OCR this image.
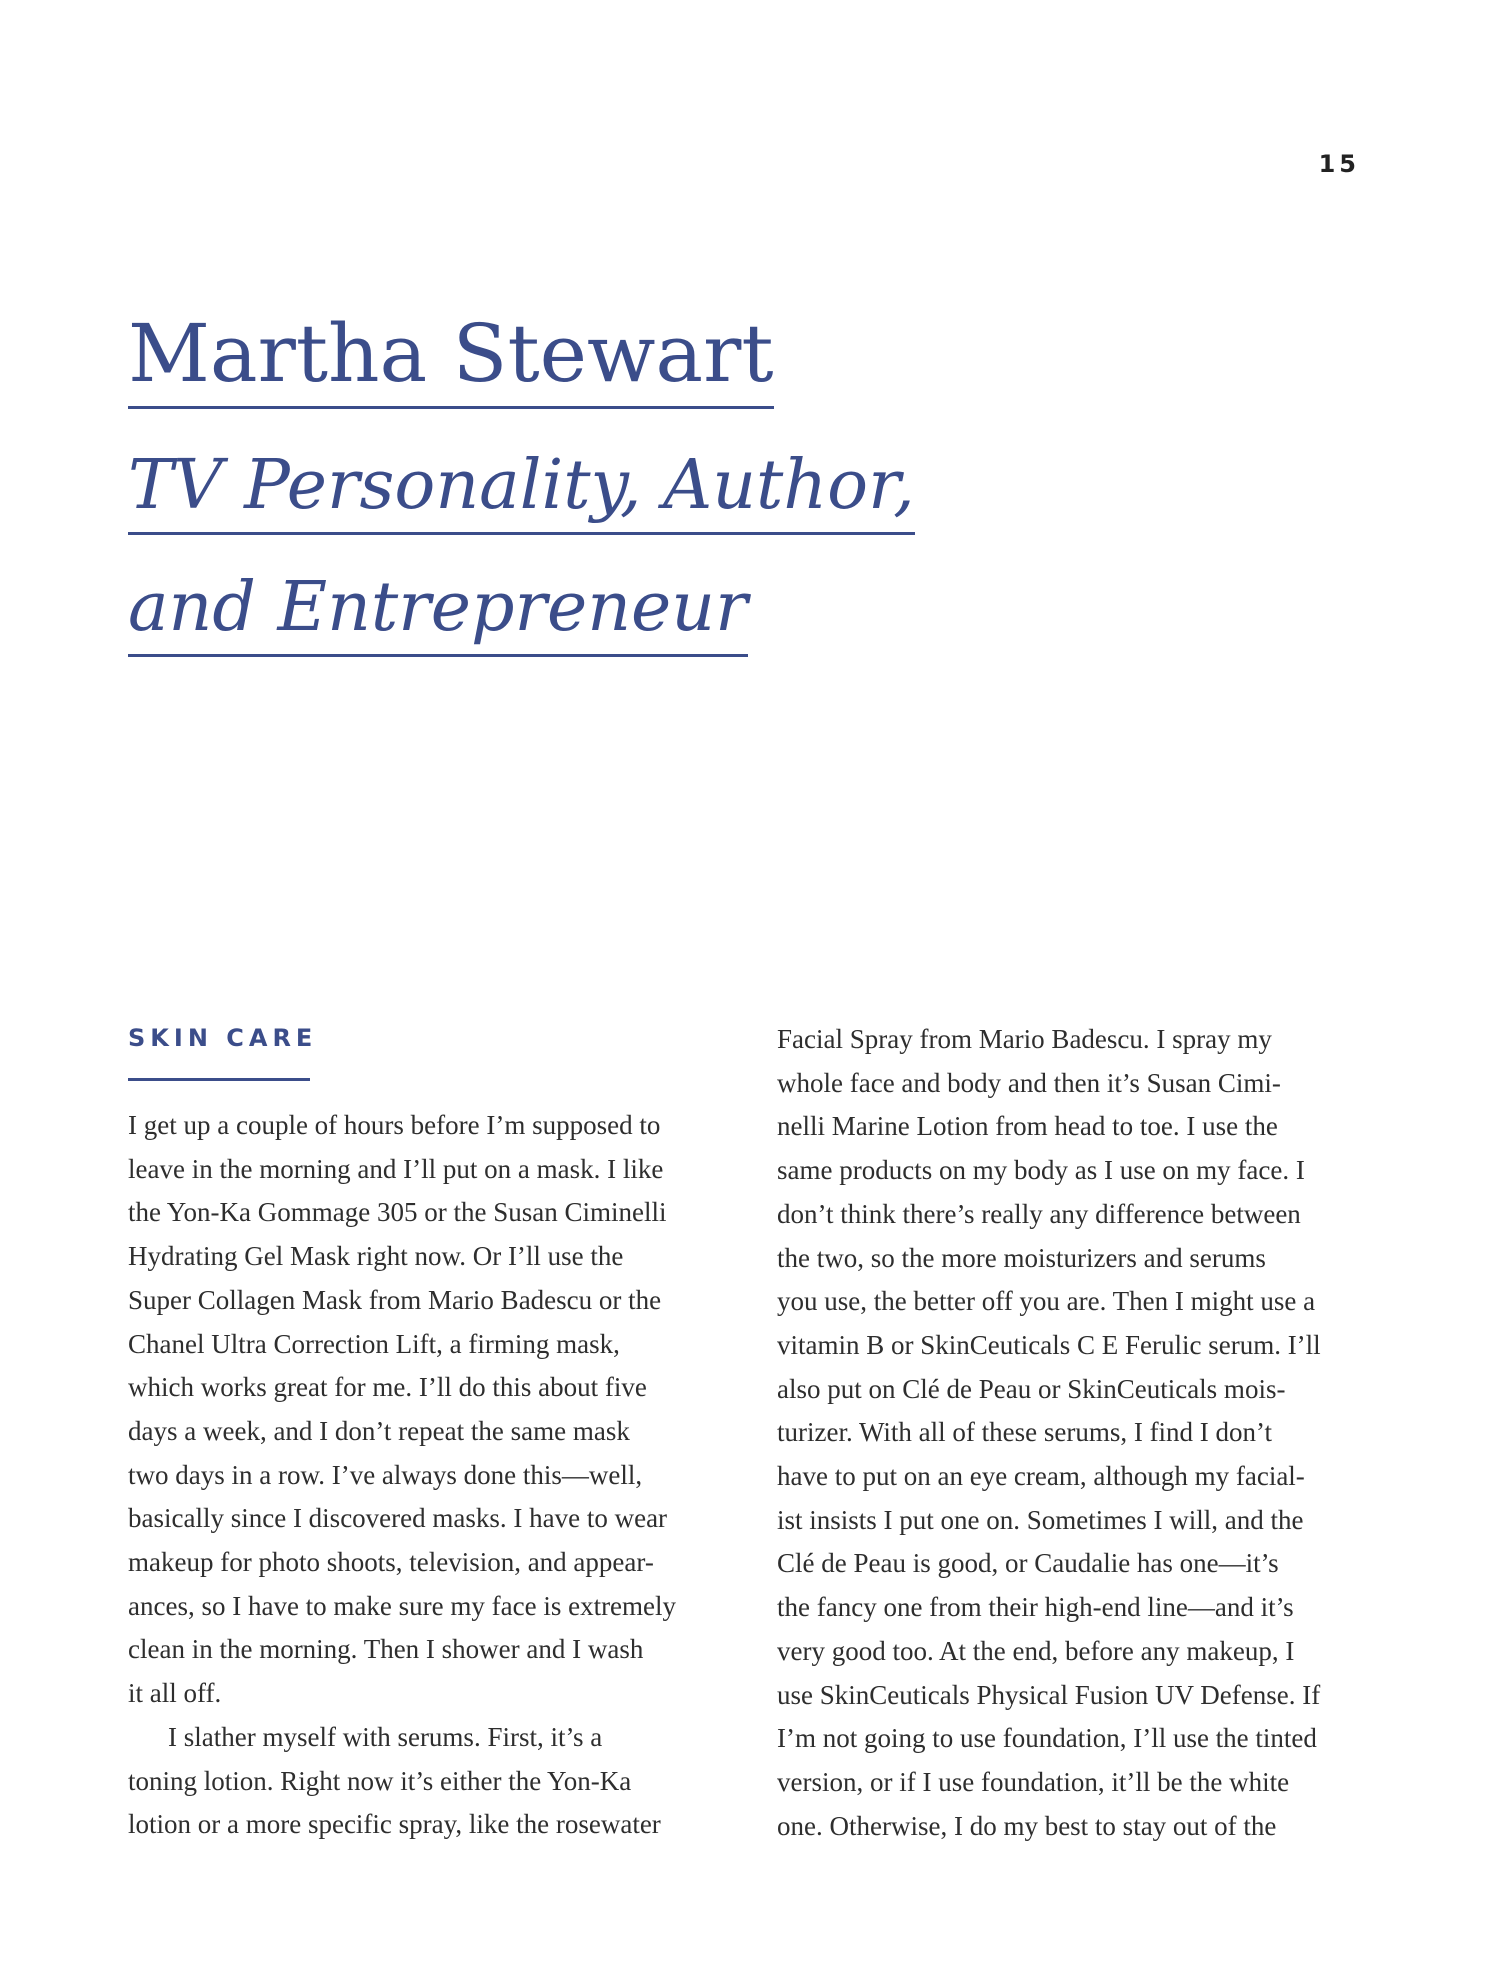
15
Martha Stewart
TV Personality, Author,
and Entrepreneur
SKIN CARE
I get up a couple of hours before I’m supposed to
leave in the morning and I’ll put on a mask. I like
the Yon-Ka Gommage 305 or the Susan Ciminelli
Hydrating Gel Mask right now. Or I’ll use the
Super Collagen Mask from Mario Badescu or the
Chanel Ultra Correction Lift, a firming mask,
which works great for me. I’ll do this about five
days a week, and I don’t repeat the same mask
two days in a row. I’ve always done this—well,
basically since I discovered masks. I have to wear
makeup for photo shoots, television, and appear-
ances, so I have to make sure my face is extremely
clean in the morning. Then I shower and I wash
it all off.
I slather myself with serums. First, it’s a
toning lotion. Right now it’s either the Yon-Ka
lotion or a more specific spray, like the rosewater
Facial Spray from Mario Badescu. I spray my
whole face and body and then it’s Susan Cimi-
nelli Marine Lotion from head to toe. I use the
same products on my body as I use on my face. I
don’t think there’s really any difference between
the two, so the more moisturizers and serums
you use, the better off you are. Then I might use a
vitamin B or SkinCeuticals C E Ferulic serum. I’ll
also put on Clé de Peau or SkinCeuticals mois-
turizer. With all of these serums, I find I don’t
have to put on an eye cream, although my facial-
ist insists I put one on. Sometimes I will, and the
Clé de Peau is good, or Caudalie has one—it’s
the fancy one from their high-end line—and it’s
very good too. At the end, before any makeup, I
use SkinCeuticals Physical Fusion UV Defense. If
I’m not going to use foundation, I’ll use the tinted
version, or if I use foundation, it’ll be the white
one. Otherwise, I do my best to stay out of the
